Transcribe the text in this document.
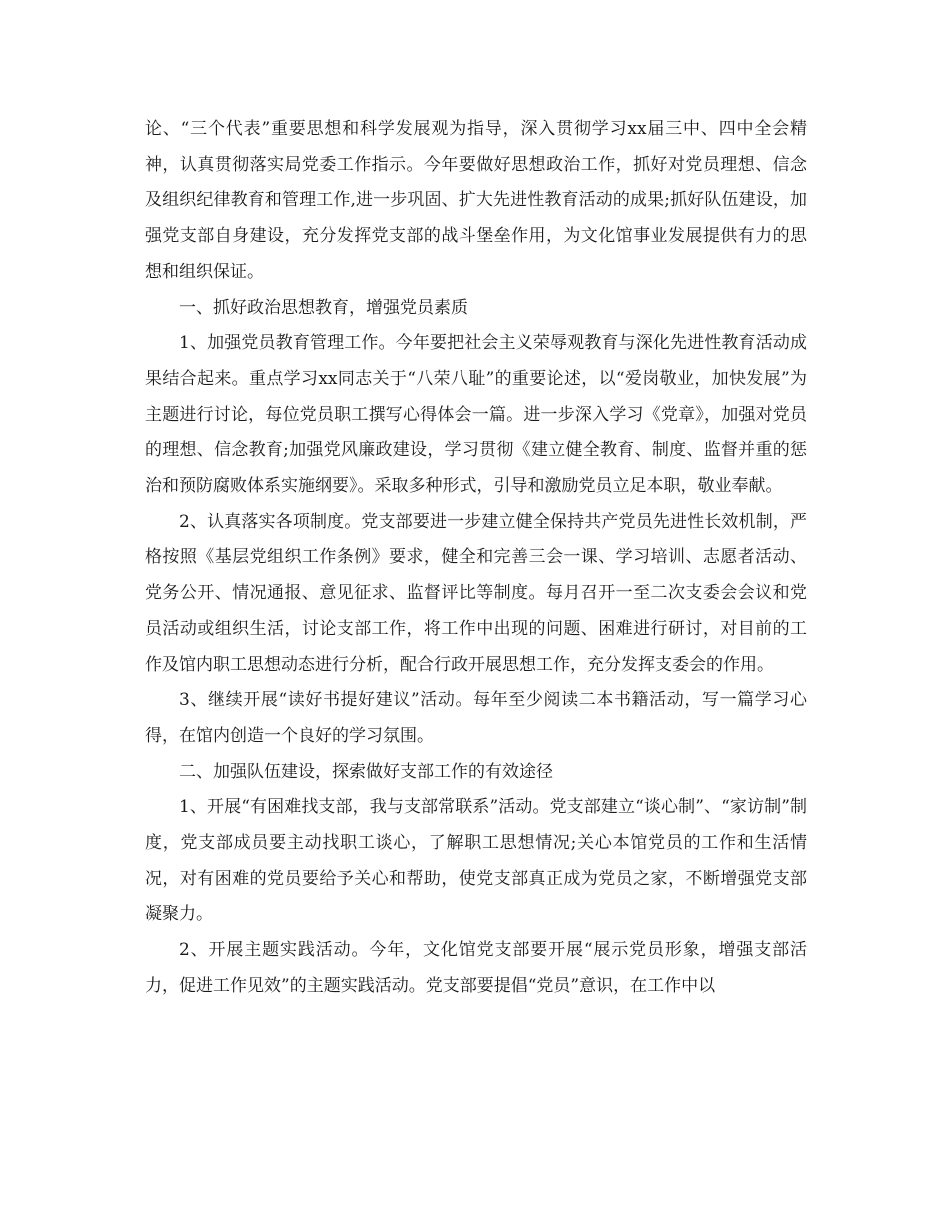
论、“三个代表”重要思想和科学发展观为指导，深入贯彻学习xx届三中、四中全会精神，认真贯彻落实局党委工作指示。今年要做好思想政治工作，抓好对党员理想、信念及组织纪律教育和管理工作,进一步巩固、扩大先进性教育活动的成果;抓好队伍建设，加强党支部自身建设，充分发挥党支部的战斗堡垒作用，为文化馆事业发展提供有力的思想和组织保证。

一、抓好政治思想教育，增强党员素质

1、加强党员教育管理工作。今年要把社会主义荣辱观教育与深化先进性教育活动成果结合起来。重点学习xx同志关于“八荣八耻”的重要论述，以“爱岗敬业，加快发展”为主题进行讨论，每位党员职工撰写心得体会一篇。进一步深入学习《党章》，加强对党员的理想、信念教育;加强党风廉政建设，学习贯彻《建立健全教育、制度、监督并重的惩治和预防腐败体系实施纲要》。采取多种形式，引导和激励党员立足本职，敬业奉献。

2、认真落实各项制度。党支部要进一步建立健全保持共产党员先进性长效机制，严格按照《基层党组织工作条例》要求，健全和完善三会一课、学习培训、志愿者活动、党务公开、情况通报、意见征求、监督评比等制度。每月召开一至二次支委会会议和党员活动或组织生活，讨论支部工作，将工作中出现的问题、困难进行研讨，对目前的工作及馆内职工思想动态进行分析，配合行政开展思想工作，充分发挥支委会的作用。

3、继续开展“读好书提好建议”活动。每年至少阅读二本书籍活动，写一篇学习心得，在馆内创造一个良好的学习氛围。

二、加强队伍建设，探索做好支部工作的有效途径

1、开展“有困难找支部，我与支部常联系”活动。党支部建立“谈心制”、“家访制”制度，党支部成员要主动找职工谈心，了解职工思想情况;关心本馆党员的工作和生活情况，对有困难的党员要给予关心和帮助，使党支部真正成为党员之家，不断增强党支部凝聚力。

2、开展主题实践活动。今年，文化馆党支部要开展“展示党员形象，增强支部活力，促进工作见效”的主题实践活动。党支部要提倡“党员”意识，在工作中以
